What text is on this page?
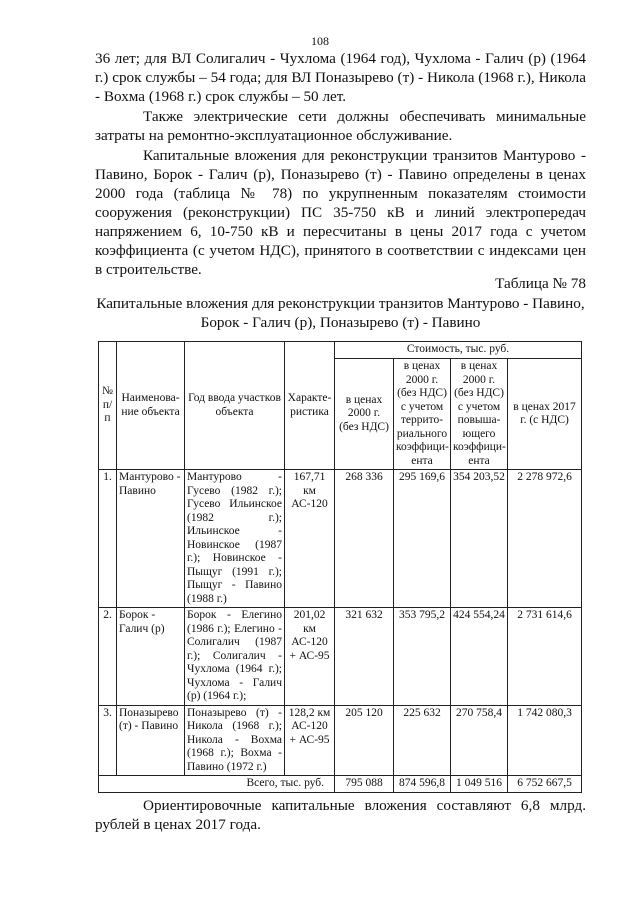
108

36 лет; для ВЛ Солигалич - Чухлома (1964 год), Чухлома - Галич (р) (1964 г.) срок службы – 54 года; для ВЛ Поназырево (т) - Никола (1968 г.), Никола - Вохма (1968 г.) срок службы – 50 лет.

Также электрические сети должны обеспечивать минимальные затраты на ремонтно-эксплуатационное обслуживание.

Капитальные вложения для реконструкции транзитов Мантурово - Павино, Борок - Галич (р), Поназырево (т) - Павино определены в ценах 2000 года (таблица № 78) по укрупненным показателям стоимости сооружения (реконструкции) ПС 35-750 кВ и линий электропередач напряжением 6, 10-750 кВ и пересчитаны в цены 2017 года с учетом коэффициента (с учетом НДС), принятого в соответствии с индексами цен в строительстве.

Таблица № 78

Капитальные вложения для реконструкции транзитов Мантурово - Павино, Борок - Галич (р), Поназырево (т) - Павино

№ п/п	Наименова-ние объекта	Год ввода участков объекта	Характе-ристика	Стоимость, тыс. руб.			
				в ценах 2000 г. (без НДС)	в ценах 2000 г. (без НДС) с учетом террито-риального коэффици-ента	в ценах 2000 г. (без НДС) с учетом повыша-ющего коэффици-ента	в ценах 2017 г. (с НДС)
1.	Мантурово - Павино	Мантурово - Гусево (1982 г.); Гусево Ильинское (1982 г.); Ильинское - Новинское (1987 г.); Новинское - Пыщуг (1991 г.); Пыщуг - Павино (1988 г.)	167,71 км АС-120	268 336	295 169,6	354 203,52	2 278 972,6
2.	Борок - Галич (р)	Борок - Елегино (1986 г.); Елегино - Солигалич (1987 г.); Солигалич - Чухлома (1964 г.); Чухлома - Галич (р) (1964 г.);	201,02 км АС-120 + АС-95	321 632	353 795,2	424 554,24	2 731 614,6
3.	Поназырево (т) - Павино	Поназырево (т) - Никола (1968 г.); Никола - Вохма (1968 г.); Вохма - Павино (1972 г.)	128,2 км АС-120 + АС-95	205 120	225 632	270 758,4	1 742 080,3
Всего, тыс. руб.				795 088	874 596,8	1 049 516	6 752 667,5

Ориентировочные капитальные вложения составляют 6,8 млрд. рублей в ценах 2017 года.
